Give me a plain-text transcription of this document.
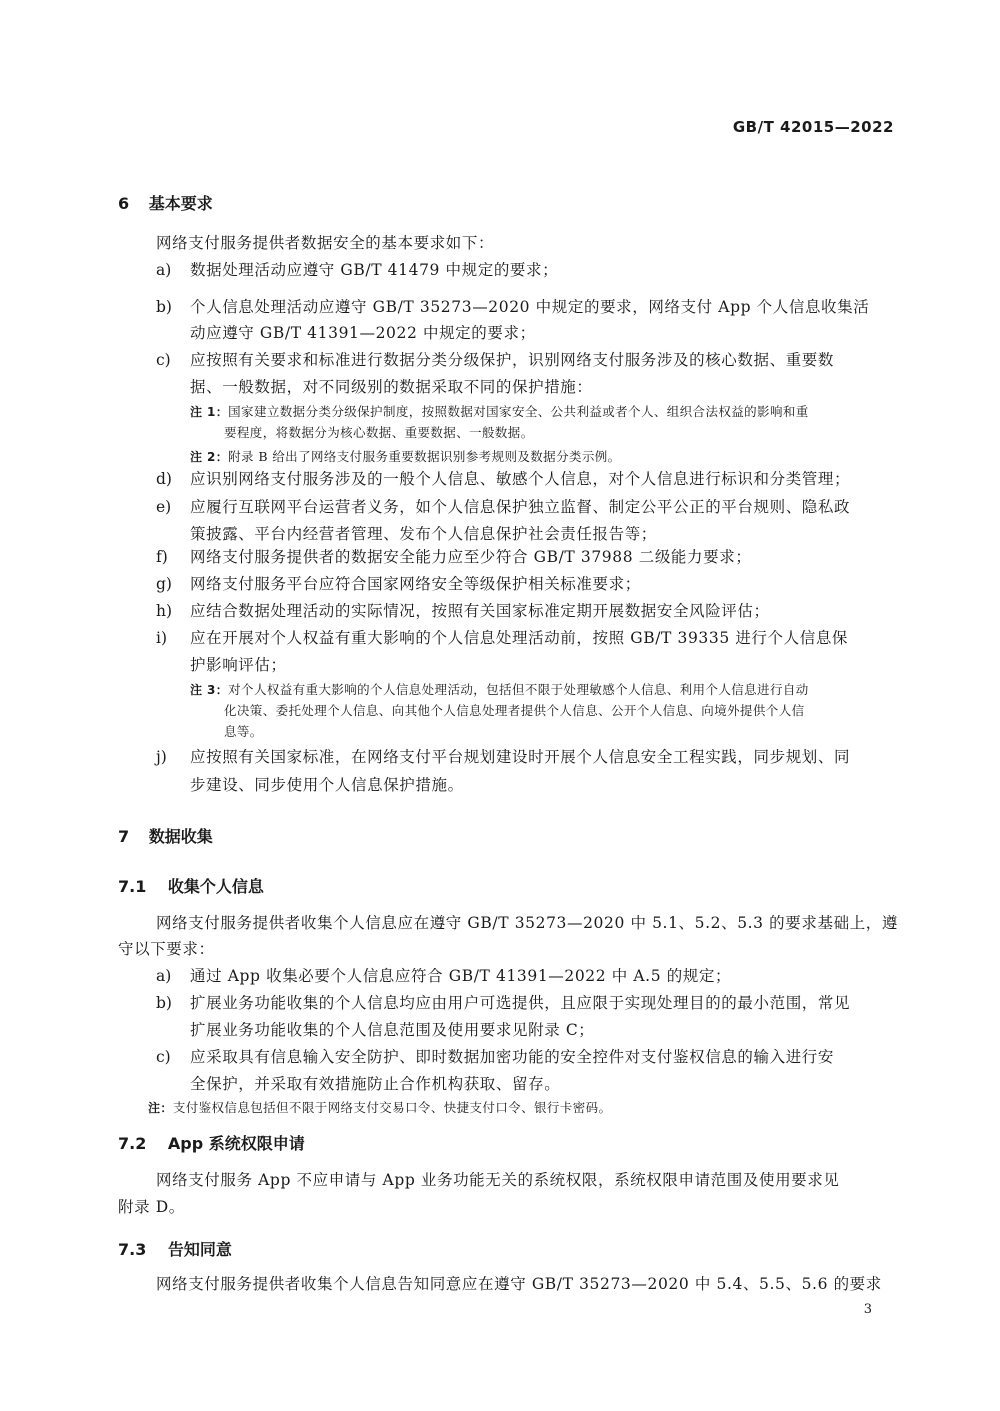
GB/T 42015—2022
6 基本要求
网络支付服务提供者数据安全的基本要求如下：
a) 数据处理活动应遵守 GB/T 41479 中规定的要求；
b) 个人信息处理活动应遵守 GB/T 35273—2020 中规定的要求，网络支付 App 个人信息收集活
动应遵守 GB/T 41391—2022 中规定的要求；
c) 应按照有关要求和标准进行数据分类分级保护，识别网络支付服务涉及的核心数据、重要数
据、一般数据，对不同级别的数据采取不同的保护措施：
注 1：国家建立数据分类分级保护制度，按照数据对国家安全、公共利益或者个人、组织合法权益的影响和重
要程度，将数据分为核心数据、重要数据、一般数据。
注 2：附录 B 给出了网络支付服务重要数据识别参考规则及数据分类示例。
d) 应识别网络支付服务涉及的一般个人信息、敏感个人信息，对个人信息进行标识和分类管理；
e) 应履行互联网平台运营者义务，如个人信息保护独立监督、制定公平公正的平台规则、隐私政
策披露、平台内经营者管理、发布个人信息保护社会责任报告等；
f) 网络支付服务提供者的数据安全能力应至少符合 GB/T 37988 二级能力要求；
g) 网络支付服务平台应符合国家网络安全等级保护相关标准要求；
h) 应结合数据处理活动的实际情况，按照有关国家标准定期开展数据安全风险评估；
i) 应在开展对个人权益有重大影响的个人信息处理活动前，按照 GB/T 39335 进行个人信息保
护影响评估；
注 3：对个人权益有重大影响的个人信息处理活动，包括但不限于处理敏感个人信息、利用个人信息进行自动
化决策、委托处理个人信息、向其他个人信息处理者提供个人信息、公开个人信息、向境外提供个人信
息等。
j) 应按照有关国家标准，在网络支付平台规划建设时开展个人信息安全工程实践，同步规划、同
步建设、同步使用个人信息保护措施。
7 数据收集
7.1 收集个人信息
网络支付服务提供者收集个人信息应在遵守 GB/T 35273—2020 中 5.1、5.2、5.3 的要求基础上，遵
守以下要求：
a) 通过 App 收集必要个人信息应符合 GB/T 41391—2022 中 A.5 的规定；
b) 扩展业务功能收集的个人信息均应由用户可选提供，且应限于实现处理目的的最小范围，常见
扩展业务功能收集的个人信息范围及使用要求见附录 C；
c) 应采取具有信息输入安全防护、即时数据加密功能的安全控件对支付鉴权信息的输入进行安
全保护，并采取有效措施防止合作机构获取、留存。
注：支付鉴权信息包括但不限于网络支付交易口令、快捷支付口令、银行卡密码。
7.2 App 系统权限申请
网络支付服务 App 不应申请与 App 业务功能无关的系统权限，系统权限申请范围及使用要求见
附录 D。
7.3 告知同意
网络支付服务提供者收集个人信息告知同意应在遵守 GB/T 35273—2020 中 5.4、5.5、5.6 的要求
3
